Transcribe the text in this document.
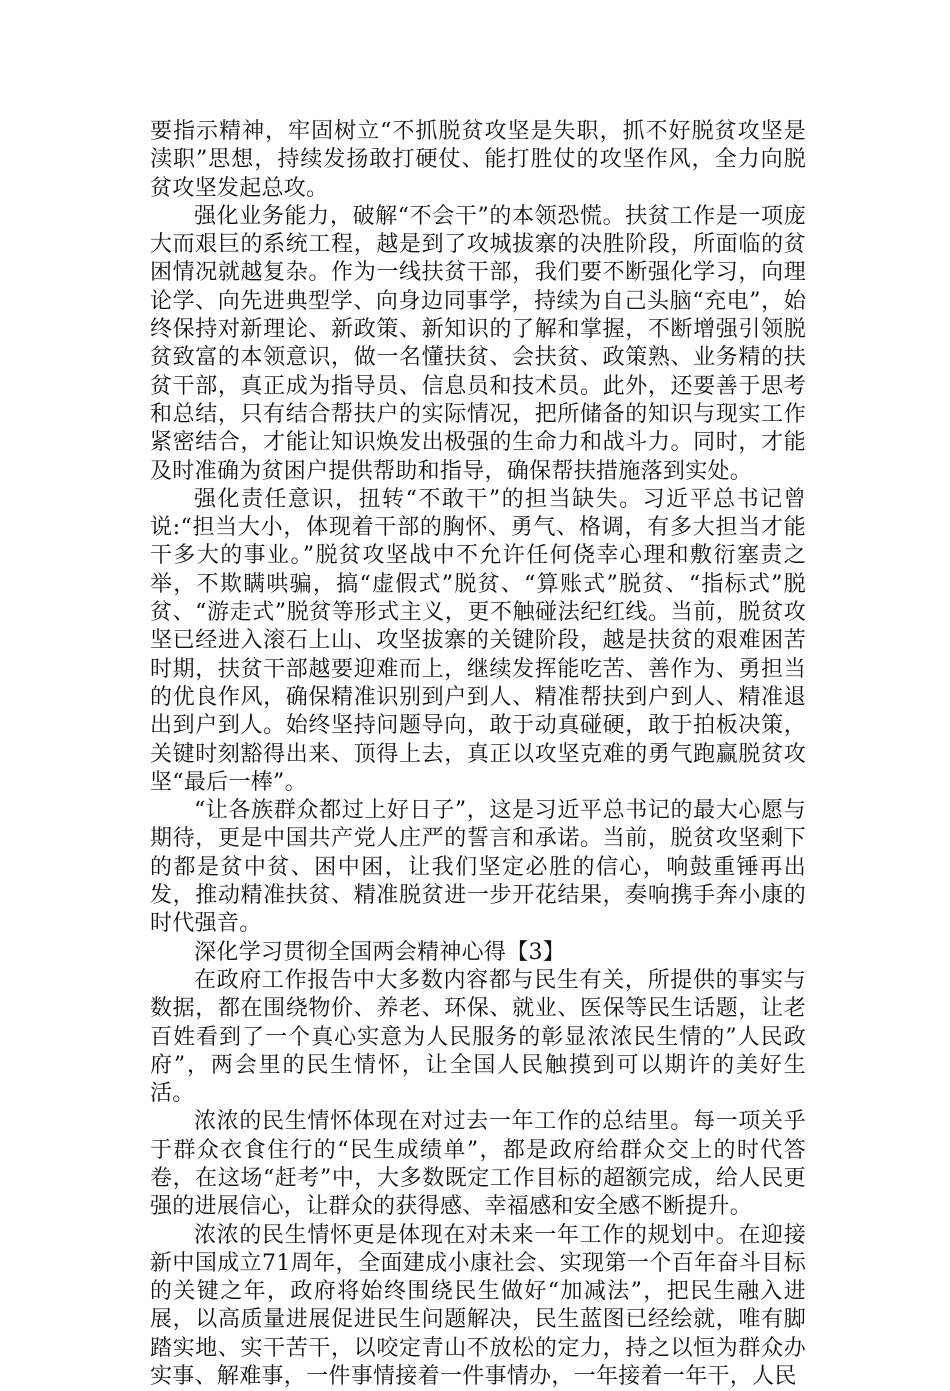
要指示精神，牢固树立“不抓脱贫攻坚是失职，抓不好脱贫攻坚是渎职”思想，持续发扬敢打硬仗、能打胜仗的攻坚作风，全力向脱贫攻坚发起总攻。

强化业务能力，破解“不会干”的本领恐慌。扶贫工作是一项庞大而艰巨的系统工程，越是到了攻城拔寨的决胜阶段，所面临的贫困情况就越复杂。作为一线扶贫干部，我们要不断强化学习，向理论学、向先进典型学、向身边同事学，持续为自己头脑“充电”，始终保持对新理论、新政策、新知识的了解和掌握，不断增强引领脱贫致富的本领意识，做一名懂扶贫、会扶贫、政策熟、业务精的扶贫干部，真正成为指导员、信息员和技术员。此外，还要善于思考和总结，只有结合帮扶户的实际情况，把所储备的知识与现实工作紧密结合，才能让知识焕发出极强的生命力和战斗力。同时，才能及时准确为贫困户提供帮助和指导，确保帮扶措施落到实处。

强化责任意识，扭转“不敢干”的担当缺失。习近平总书记曾说:“担当大小，体现着干部的胸怀、勇气、格调，有多大担当才能干多大的事业。”脱贫攻坚战中不允许任何侥幸心理和敷衍塞责之举，不欺瞒哄骗，搞“虚假式”脱贫、“算账式”脱贫、“指标式”脱贫、“游走式”脱贫等形式主义，更不触碰法纪红线。当前，脱贫攻坚已经进入滚石上山、攻坚拔寨的关键阶段，越是扶贫的艰难困苦时期，扶贫干部越要迎难而上，继续发挥能吃苦、善作为、勇担当的优良作风，确保精准识别到户到人、精准帮扶到户到人、精准退出到户到人。始终坚持问题导向，敢于动真碰硬，敢于拍板决策，关键时刻豁得出来、顶得上去，真正以攻坚克难的勇气跑赢脱贫攻坚“最后一棒”。

“让各族群众都过上好日子”，这是习近平总书记的最大心愿与期待，更是中国共产党人庄严的誓言和承诺。当前，脱贫攻坚剩下的都是贫中贫、困中困，让我们坚定必胜的信心，响鼓重锤再出发，推动精准扶贫、精准脱贫进一步开花结果，奏响携手奔小康的时代强音。

深化学习贯彻全国两会精神心得【3】

在政府工作报告中大多数内容都与民生有关，所提供的事实与数据，都在围绕物价、养老、环保、就业、医保等民生话题，让老百姓看到了一个真心实意为人民服务的彰显浓浓民生情的”人民政府”，两会里的民生情怀，让全国人民触摸到可以期许的美好生活。

浓浓的民生情怀体现在对过去一年工作的总结里。每一项关乎于群众衣食住行的“民生成绩单”，都是政府给群众交上的时代答卷，在这场“赶考”中，大多数既定工作目标的超额完成，给人民更强的进展信心，让群众的获得感、幸福感和安全感不断提升。

浓浓的民生情怀更是体现在对未来一年工作的规划中。在迎接新中国成立71周年，全面建成小康社会、实现第一个百年奋斗目标的关键之年，政府将始终围绕民生做好“加减法”，把民生融入进展，以高质量进展促进民生问题解决，民生蓝图已经绘就，唯有脚踏实地、实干苦干，以咬定青山不放松的定力，持之以恒为群众办实事、解难事，一件事情接着一件事情办，一年接着一年干，人民
